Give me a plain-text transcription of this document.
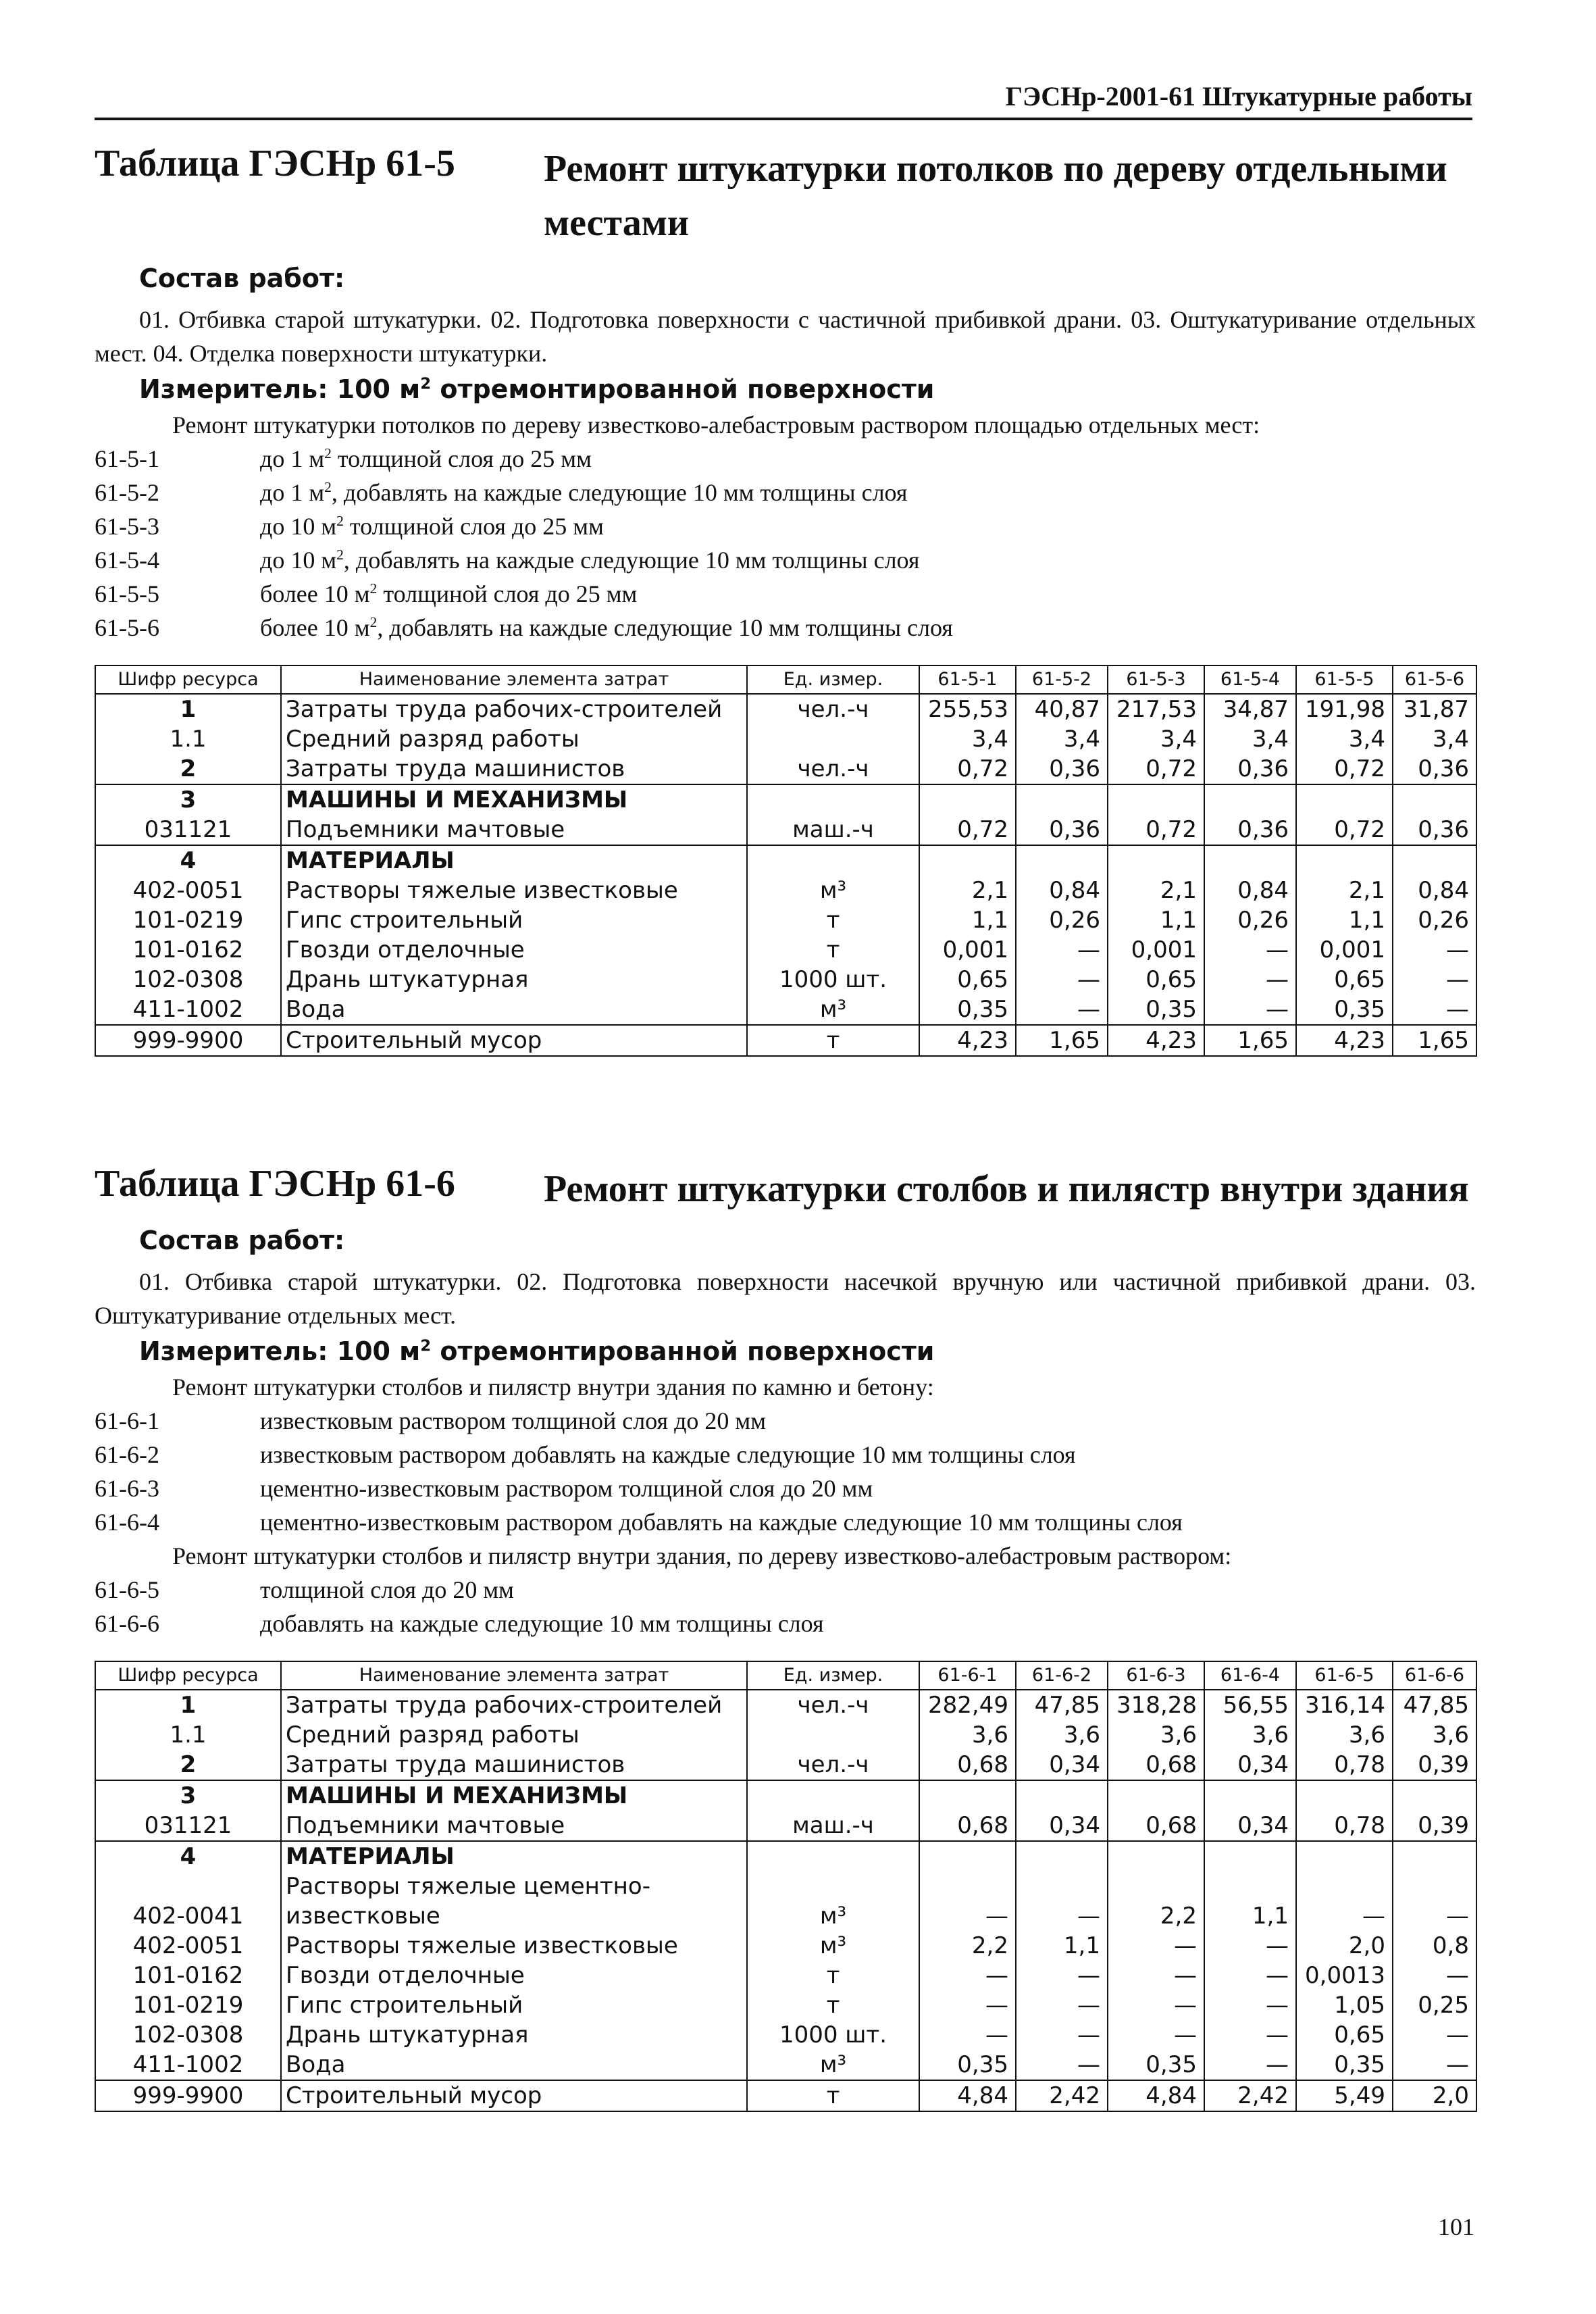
ГЭСНр-2001-61 Штукатурные работы
Таблица ГЭСНр 61-5 Ремонт штукатурки потолков по дереву отдельными местами
Состав работ:
01. Отбивка старой штукатурки. 02. Подготовка поверхности с частичной прибивкой драни. 03. Оштукатуривание отдельных мест. 04. Отделка поверхности штукатурки.
Измеритель: 100 $м^2$ отремонтированной поверхности
Ремонт штукатурки потолков по дереву известково-алебастровым раствором площадью отдельных мест:
61-5-1	до 1 $м^2$ толщиной слоя до 25 мм
61-5-2	до 1 $м^2$, добавлять на каждые следующие 10 мм толщины слоя
61-5-3	до 10 $м^2$ толщиной слоя до 25 мм
61-5-4	до 10 $м^2$, добавлять на каждые следующие 10 мм толщины слоя
61-5-5	более 10 $м^2$ толщиной слоя до 25 мм
61-5-6	более 10 $м^2$, добавлять на каждые следующие 10 мм толщины слоя
Шифр ресурса	Наименование элемента затрат	Ед. измер.	61-5-1	61-5-2	61-5-3	61-5-4	61-5-5	61-5-6
1	Затраты труда рабочих-строителей	чел.-ч	255,53	40,87	217,53	34,87	191,98	31,87
1.1	Средний разряд работы		3,4	3,4	3,4	3,4	3,4	3,4
2	Затраты труда машинистов	чел.-ч	0,72	0,36	0,72	0,36	0,72	0,36
3	МАШИНЫ И МЕХАНИЗМЫ							
031121	Подъемники мачтовые	маш.-ч	0,72	0,36	0,72	0,36	0,72	0,36
4	МАТЕРИАЛЫ							
402-0051	Растворы тяжелые известковые	м³	2,1	0,84	2,1	0,84	2,1	0,84
101-0219	Гипс строительный	т	1,1	0,26	1,1	0,26	1,1	0,26
101-0162	Гвозди отделочные	т	0,001	—	0,001	—	0,001	—
102-0308	Дрань штукатурная	1000 шт.	0,65	—	0,65	—	0,65	—
411-1002	Вода	м³	0,35	—	0,35	—	0,35	—
999-9900	Строительный мусор	т	4,23	1,65	4,23	1,65	4,23	1,65
Таблица ГЭСНр 61-6 Ремонт штукатурки столбов и пилястр внутри здания
Состав работ:
01. Отбивка старой штукатурки. 02. Подготовка поверхности насечкой вручную или частичной прибивкой драни. 03. Оштукатуривание отдельных мест.
Измеритель: 100 $м^2$ отремонтированной поверхности
Ремонт штукатурки столбов и пилястр внутри здания по камню и бетону:
61-6-1	известковым раствором толщиной слоя до 20 мм
61-6-2	известковым раствором добавлять на каждые следующие 10 мм толщины слоя
61-6-3	цементно-известковым раствором толщиной слоя до 20 мм
61-6-4	цементно-известковым раствором добавлять на каждые следующие 10 мм толщины слоя
Ремонт штукатурки столбов и пилястр внутри здания, по дереву известково-алебастровым раствором:
61-6-5	толщиной слоя до 20 мм
61-6-6	добавлять на каждые следующие 10 мм толщины слоя
Шифр ресурса	Наименование элемента затрат	Ед. измер.	61-6-1	61-6-2	61-6-3	61-6-4	61-6-5	61-6-6
1	Затраты труда рабочих-строителей	чел.-ч	282,49	47,85	318,28	56,55	316,14	47,85
1.1	Средний разряд работы		3,6	3,6	3,6	3,6	3,6	3,6
2	Затраты труда машинистов	чел.-ч	0,68	0,34	0,68	0,34	0,78	0,39
3	МАШИНЫ И МЕХАНИЗМЫ							
031121	Подъемники мачтовые	маш.-ч	0,68	0,34	0,68	0,34	0,78	0,39
4	МАТЕРИАЛЫ							
402-0041	Растворы тяжелые цементно-известковые	м³	—	—	2,2	1,1	—	—
402-0051	Растворы тяжелые известковые	м³	2,2	1,1	—	—	2,0	0,8
101-0162	Гвозди отделочные	т	—	—	—	—	0,0013	—
101-0219	Гипс строительный	т	—	—	—	—	1,05	0,25
102-0308	Дрань штукатурная	1000 шт.	—	—	—	—	0,65	—
411-1002	Вода	м³	0,35	—	0,35	—	0,35	—
999-9900	Строительный мусор	т	4,84	2,42	4,84	2,42	5,49	2,0
101
